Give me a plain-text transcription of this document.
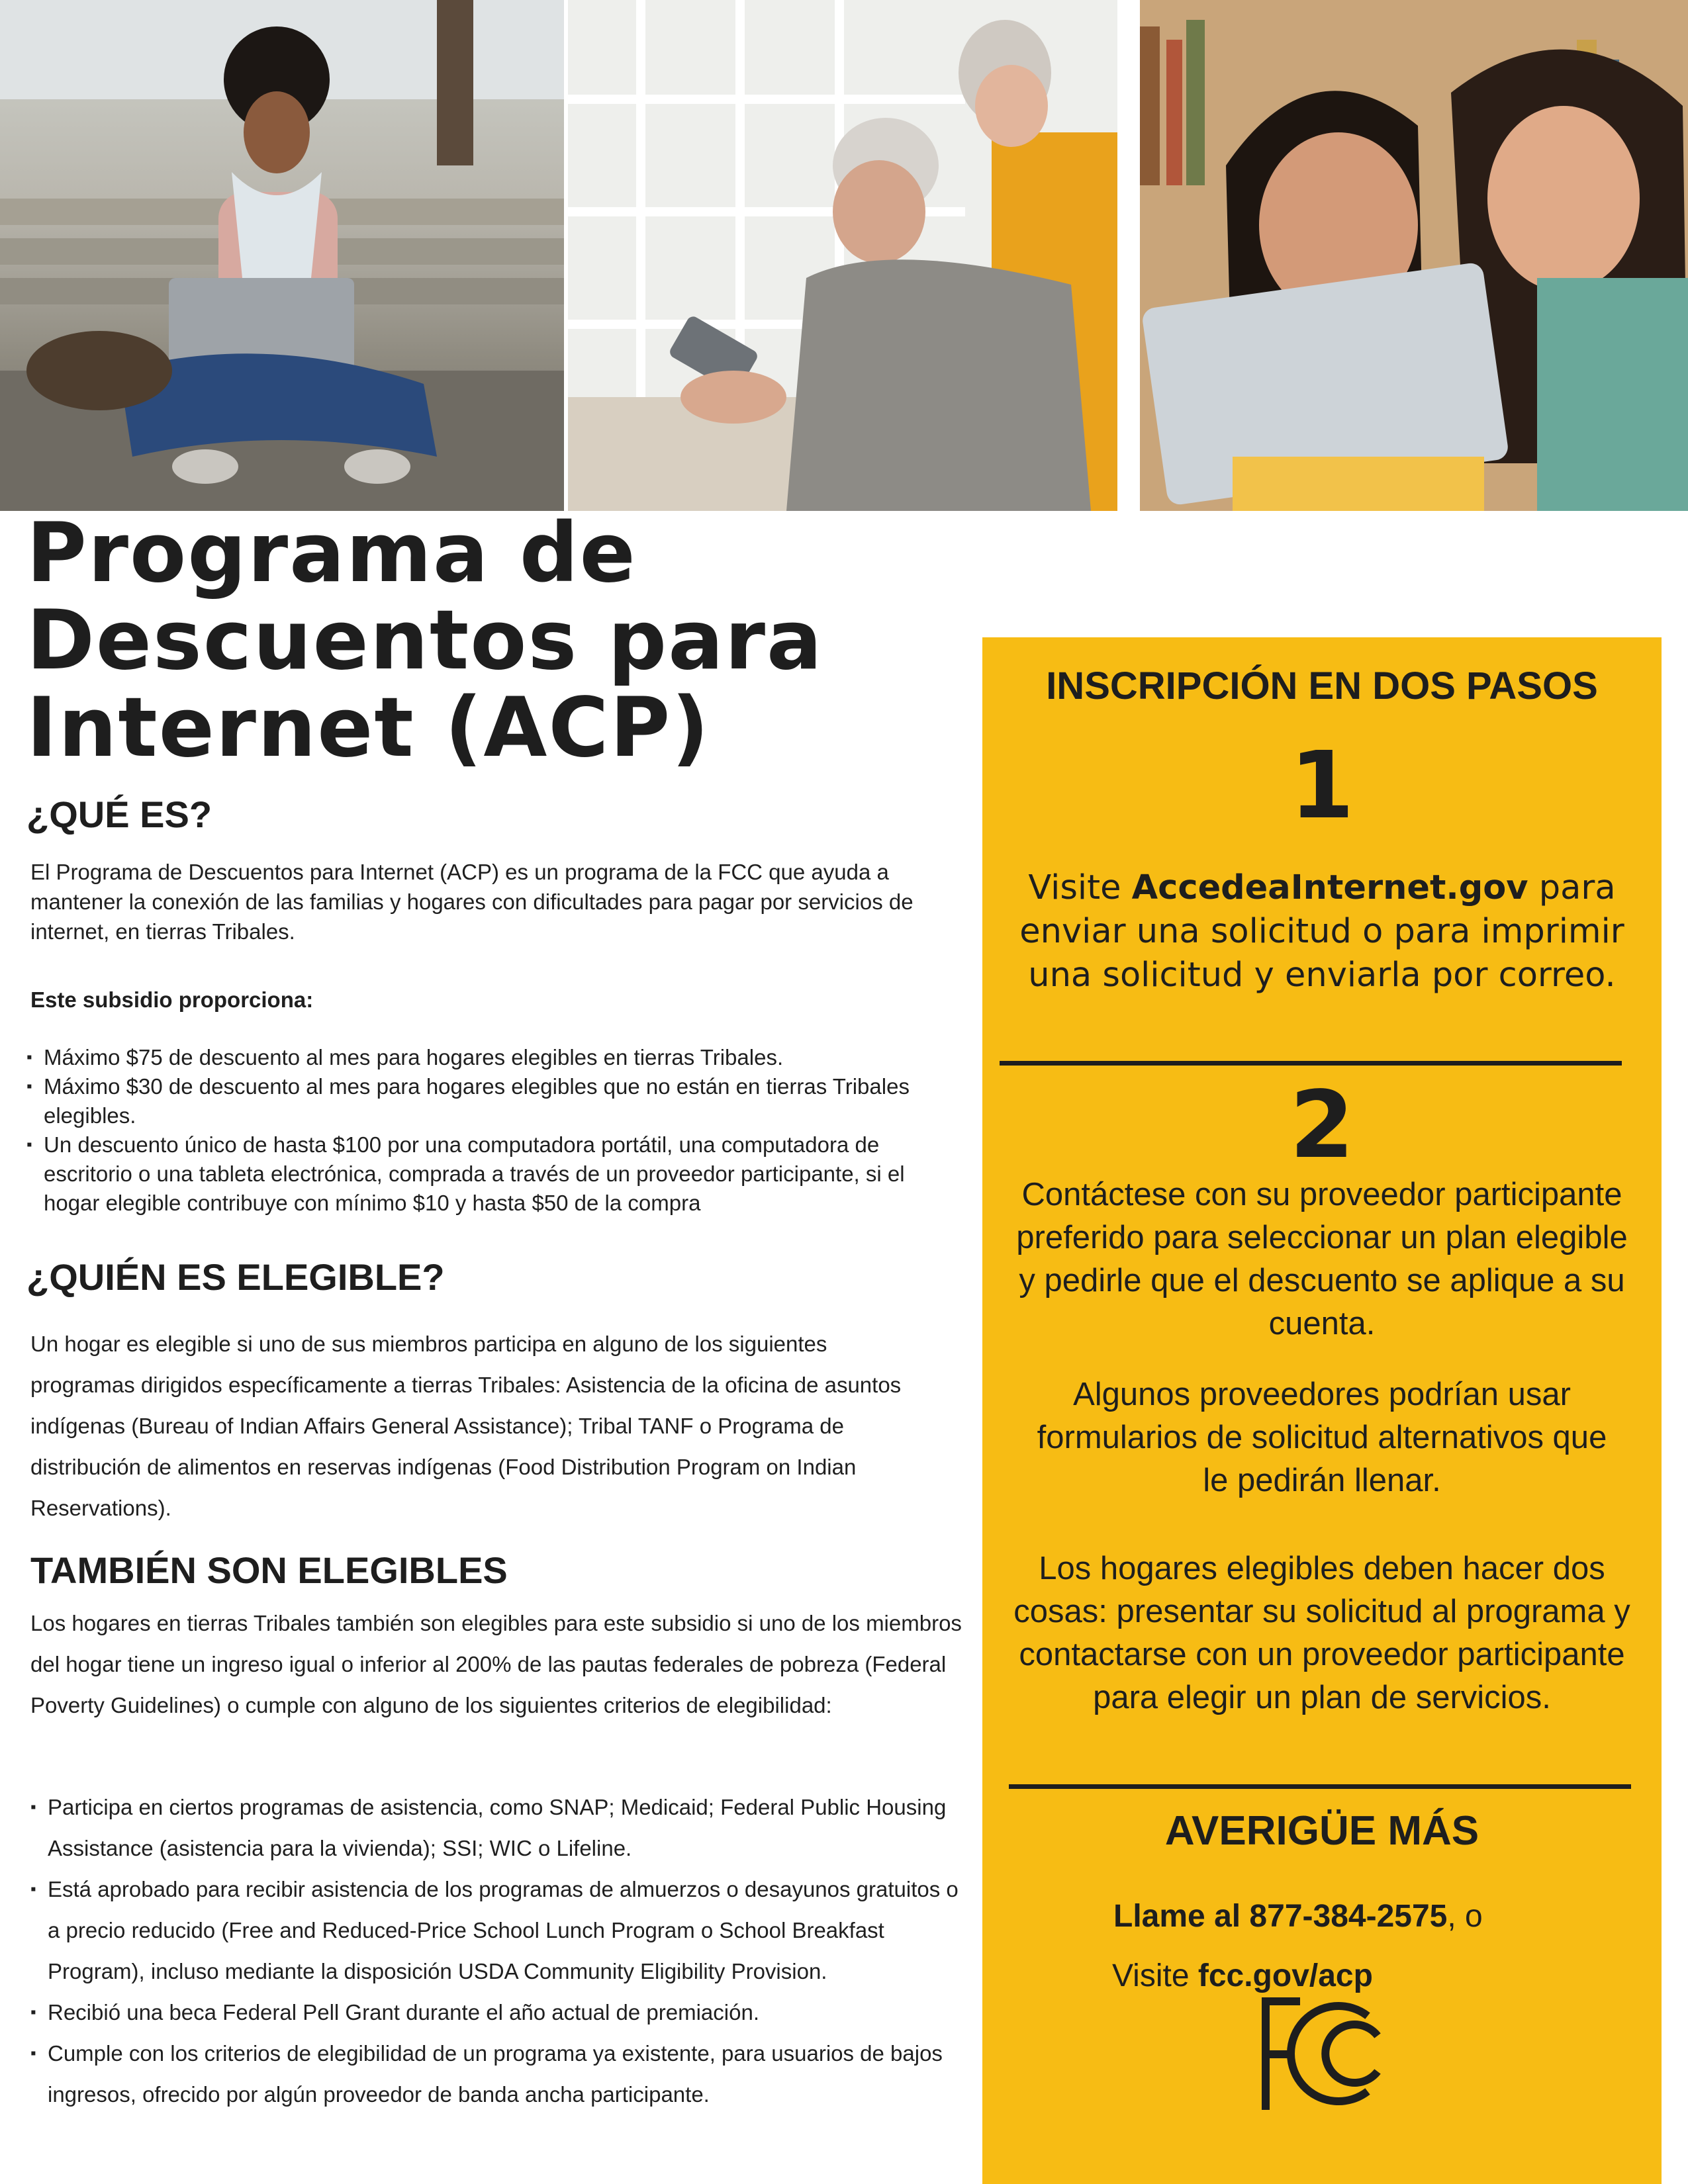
Programa de
Descuentos para
Internet (ACP)
¿QUÉ ES?
El Programa de Descuentos para Internet (ACP) es un programa de la FCC que ayuda a mantener la conexión de las familias y hogares con dificultades para pagar por servicios de internet, en tierras Tribales.
Este subsidio proporciona:
▪ Máximo $75 de descuento al mes para hogares elegibles en tierras Tribales.
▪ Máximo $30 de descuento al mes para hogares elegibles que no están en tierras Tribales elegibles.
▪ Un descuento único de hasta $100 por una computadora portátil, una computadora de escritorio o una tableta electrónica, comprada a través de un proveedor participante, si el hogar elegible contribuye con mínimo $10 y hasta $50 de la compra
¿QUIÉN ES ELEGIBLE?
Un hogar es elegible si uno de sus miembros participa en alguno de los siguientes programas dirigidos específicamente a tierras Tribales: Asistencia de la oficina de asuntos indígenas (Bureau of Indian Affairs General Assistance); Tribal TANF o Programa de distribución de alimentos en reservas indígenas (Food Distribution Program on Indian Reservations).
TAMBIÉN SON ELEGIBLES
Los hogares en tierras Tribales también son elegibles para este subsidio si uno de los miembros del hogar tiene un ingreso igual o inferior al 200% de las pautas federales de pobreza (Federal Poverty Guidelines) o cumple con alguno de los siguientes criterios de elegibilidad:
▪ Participa en ciertos programas de asistencia, como SNAP; Medicaid; Federal Public Housing Assistance (asistencia para la vivienda); SSI; WIC o Lifeline.
▪ Está aprobado para recibir asistencia de los programas de almuerzos o desayunos gratuitos o a precio reducido (Free and Reduced-Price School Lunch Program o School Breakfast Program), incluso mediante la disposición USDA Community Eligibility Provision.
▪ Recibió una beca Federal Pell Grant durante el año actual de premiación.
▪ Cumple con los criterios de elegibilidad de un programa ya existente, para usuarios de bajos ingresos, ofrecido por algún proveedor de banda ancha participante.
INSCRIPCIÓN EN DOS PASOS
1
Visite AccedeaInternet.gov para enviar una solicitud o para imprimir una solicitud y enviarla por correo.
2
Contáctese con su proveedor participante preferido para seleccionar un plan elegible y pedirle que el descuento se aplique a su cuenta.
Algunos proveedores podrían usar formularios de solicitud alternativos que le pedirán llenar.
Los hogares elegibles deben hacer dos cosas: presentar su solicitud al programa y contactarse con un proveedor participante para elegir un plan de servicios.
AVERIGÜE MÁS
Llame al 877-384-2575, o
Visite fcc.gov/acp
